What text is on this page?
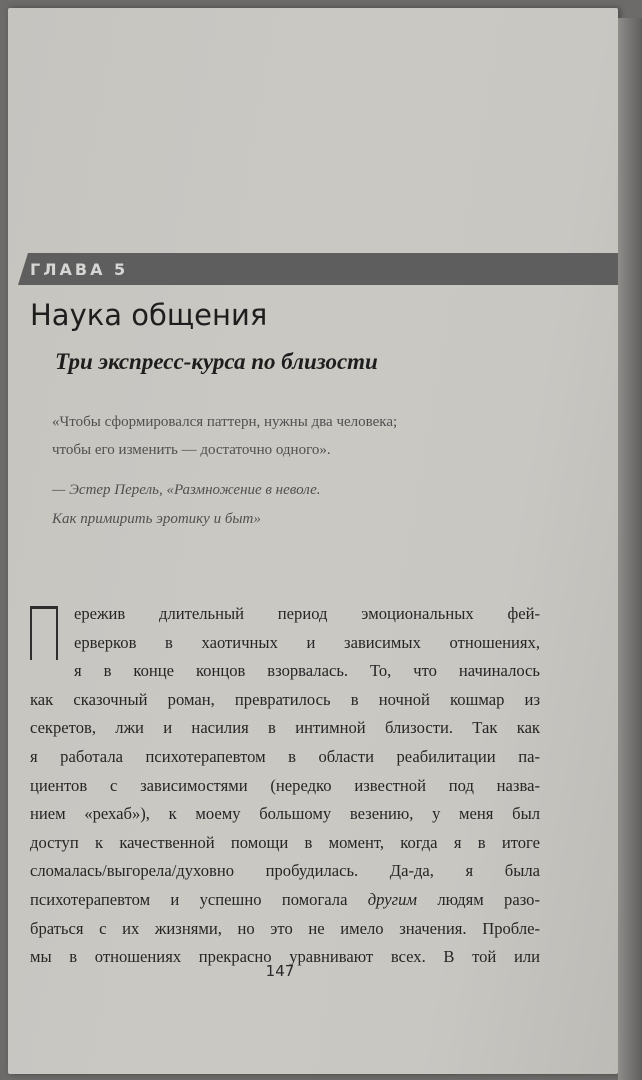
ГЛАВА 5
Наука общения
Три экспресс-курса по близости

«Чтобы сформировался паттерн, нужны два человека;
чтобы его изменить — достаточно одного».

— Эстер Перель, «Размножение в неволе.
Как примирить эротику и быт»

ережив длительный период эмоциональных фей-

ерверков в хаотичных и зависимых отношениях,

я в конце концов взорвалась. То, что начиналось

как сказочный роман, превратилось в ночной кошмар из

секретов, лжи и насилия в интимной близости. Так как

я работала психотерапевтом в области реабилитации па-

циентов с зависимостями (нередко известной под назва-

нием «рехаб»), к моему большому везению, у меня был

доступ к качественной помощи в момент, когда я в итоге

сломалась/выгорела/духовно пробудилась. Да-да, я была

психотерапевтом и успешно помогала другим людям разо-

браться с их жизнями, но это не имело значения. Пробле-

мы в отношениях прекрасно уравнивают всех. В той или

147
